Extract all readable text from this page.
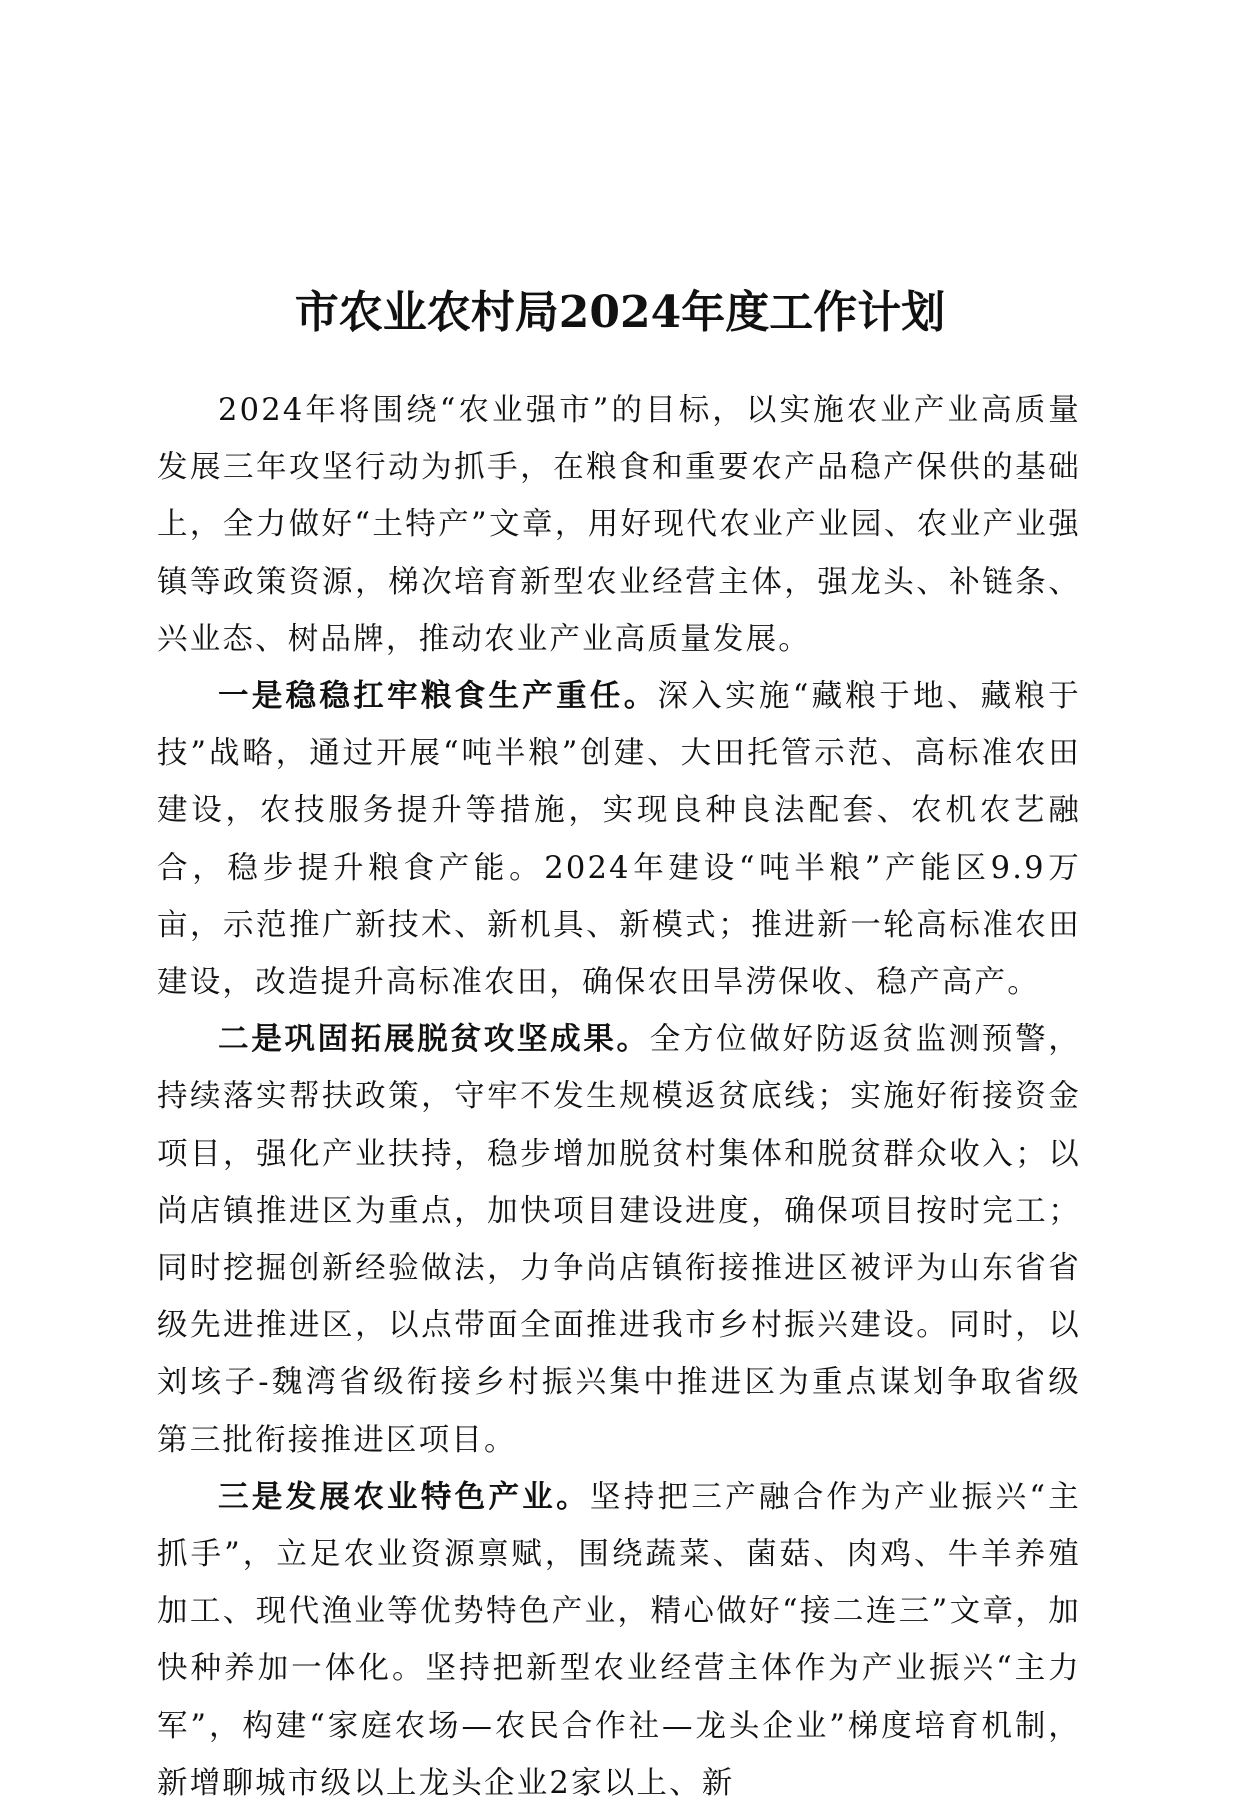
市农业农村局2024年度工作计划

2024年将围绕“农业强市”的目标，以实施农业产业高质量发展三年攻坚行动为抓手，在粮食和重要农产品稳产保供的基础上，全力做好“土特产”文章，用好现代农业产业园、农业产业强镇等政策资源，梯次培育新型农业经营主体，强龙头、补链条、兴业态、树品牌，推动农业产业高质量发展。

一是稳稳扛牢粮食生产重任。深入实施“藏粮于地、藏粮于技”战略，通过开展“吨半粮”创建、大田托管示范、高标准农田建设，农技服务提升等措施，实现良种良法配套、农机农艺融合，稳步提升粮食产能。2024年建设“吨半粮”产能区9.9万亩，示范推广新技术、新机具、新模式；推进新一轮高标准农田建设，改造提升高标准农田，确保农田旱涝保收、稳产高产。

二是巩固拓展脱贫攻坚成果。全方位做好防返贫监测预警，持续落实帮扶政策，守牢不发生规模返贫底线；实施好衔接资金项目，强化产业扶持，稳步增加脱贫村集体和脱贫群众收入；以尚店镇推进区为重点，加快项目建设进度，确保项目按时完工；同时挖掘创新经验做法，力争尚店镇衔接推进区被评为山东省省级先进推进区，以点带面全面推进我市乡村振兴建设。同时，以刘垓子-魏湾省级衔接乡村振兴集中推进区为重点谋划争取省级第三批衔接推进区项目。

三是发展农业特色产业。坚持把三产融合作为产业振兴“主抓手”，立足农业资源禀赋，围绕蔬菜、菌菇、肉鸡、牛羊养殖加工、现代渔业等优势特色产业，精心做好“接二连三”文章，加快种养加一体化。坚持把新型农业经营主体作为产业振兴“主力军”，构建“家庭农场—农民合作社—龙头企业”梯度培育机制，新增聊城市级以上龙头企业2家以上、新
